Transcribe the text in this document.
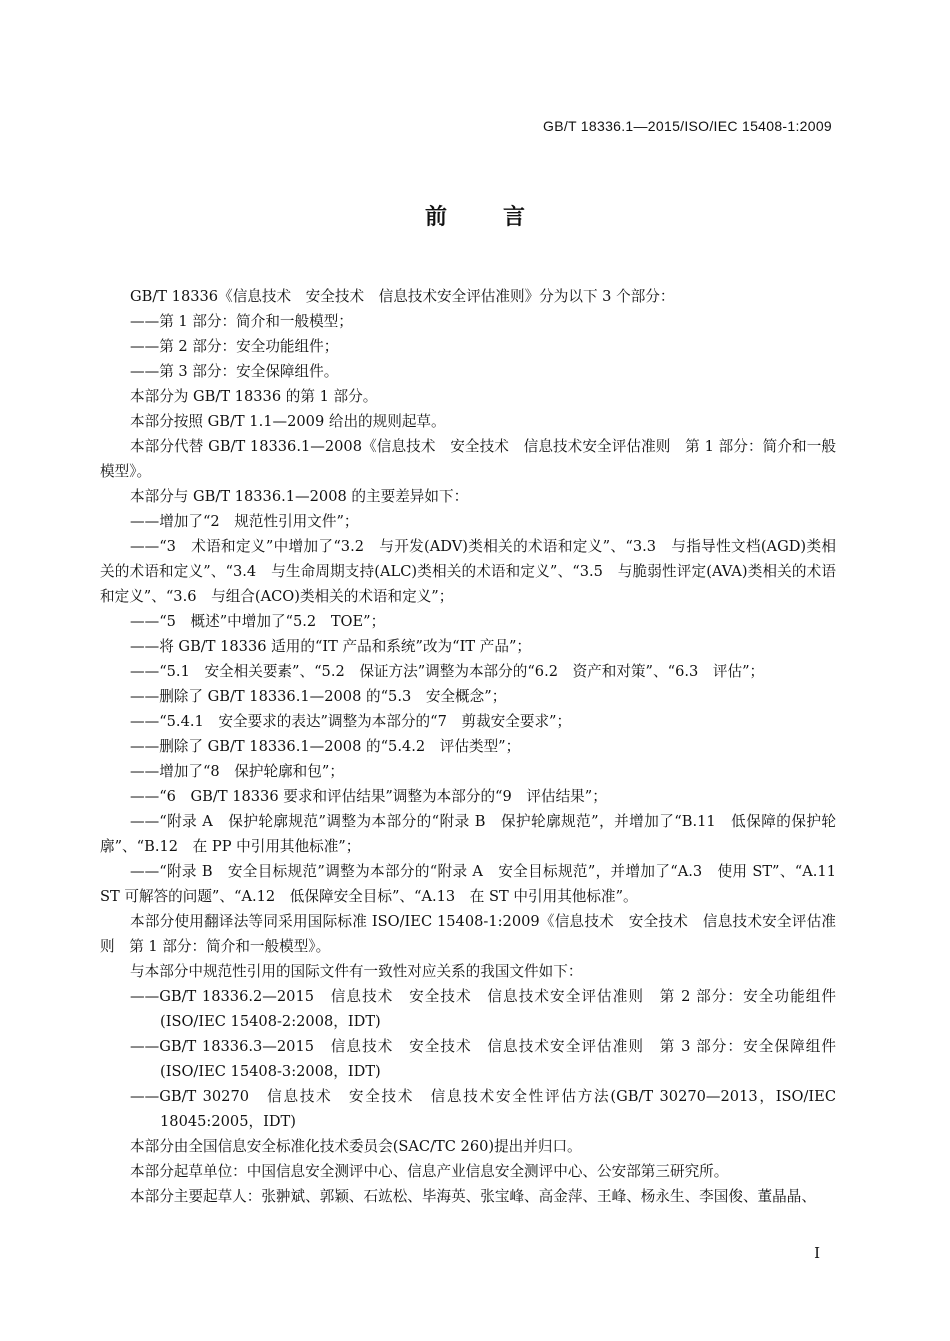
GB/T 18336.1—2015/ISO/IEC 15408-1:2009
前言

GB/T 18336《信息技术　安全技术　信息技术安全评估准则》分为以下 3 个部分：

——第 1 部分：简介和一般模型；

——第 2 部分：安全功能组件；

——第 3 部分：安全保障组件。

本部分为 GB/T 18336 的第 1 部分。

本部分按照 GB/T 1.1—2009 给出的规则起草。

本部分代替 GB/T 18336.1—2008《信息技术　安全技术　信息技术安全评估准则　第 1 部分：简介和一般模型》。

本部分与 GB/T 18336.1—2008 的主要差异如下：

——增加了“2　规范性引用文件”；

——“3　术语和定义”中增加了“3.2　与开发(ADV)类相关的术语和定义”、“3.3　与指导性文档(AGD)类相关的术语和定义”、“3.4　与生命周期支持(ALC)类相关的术语和定义”、“3.5　与脆弱性评定(AVA)类相关的术语和定义”、“3.6　与组合(ACO)类相关的术语和定义”；

——“5　概述”中增加了“5.2　TOE”；

——将 GB/T 18336 适用的“IT 产品和系统”改为“IT 产品”；

——“5.1　安全相关要素”、“5.2　保证方法”调整为本部分的“6.2　资产和对策”、“6.3　评估”；

——删除了 GB/T 18336.1—2008 的“5.3　安全概念”；

——“5.4.1　安全要求的表达”调整为本部分的“7　剪裁安全要求”；

——删除了 GB/T 18336.1—2008 的“5.4.2　评估类型”；

——增加了“8　保护轮廓和包”；

——“6　GB/T 18336 要求和评估结果”调整为本部分的“9　评估结果”；

——“附录 A　保护轮廓规范”调整为本部分的“附录 B　保护轮廓规范”，并增加了“B.11　低保障的保护轮廓”、“B.12　在 PP 中引用其他标准”；

——“附录 B　安全目标规范”调整为本部分的“附录 A　安全目标规范”，并增加了“A.3　使用 ST”、“A.11　ST 可解答的问题”、“A.12　低保障安全目标”、“A.13　在 ST 中引用其他标准”。

本部分使用翻译法等同采用国际标准 ISO/IEC 15408-1:2009《信息技术　安全技术　信息技术安全评估准则　第 1 部分：简介和一般模型》。

与本部分中规范性引用的国际文件有一致性对应关系的我国文件如下：

——GB/T 18336.2—2015　信息技术　安全技术　信息技术安全评估准则　第 2 部分：安全功能组件(ISO/IEC 15408-2:2008，IDT)

——GB/T 18336.3—2015　信息技术　安全技术　信息技术安全评估准则　第 3 部分：安全保障组件(ISO/IEC 15408-3:2008，IDT)

——GB/T 30270　信息技术　安全技术　信息技术安全性评估方法(GB/T 30270—2013，ISO/IEC 18045:2005，IDT)

本部分由全国信息安全标准化技术委员会(SAC/TC 260)提出并归口。

本部分起草单位：中国信息安全测评中心、信息产业信息安全测评中心、公安部第三研究所。

本部分主要起草人：张翀斌、郭颖、石竑松、毕海英、张宝峰、高金萍、王峰、杨永生、李国俊、董晶晶、

I
